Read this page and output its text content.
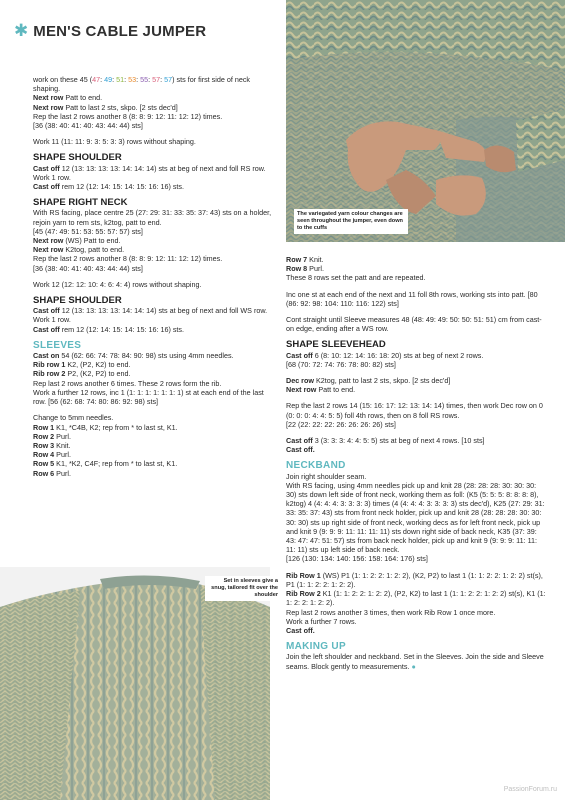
✱ MEN'S CABLE JUMPER

work on these 45 (47: 49: 51: 53: 55: 57: 57) sts for first side of neck shaping.

Next row Patt to end.

Next row Patt to last 2 sts, skpo. [2 sts dec'd]

Rep the last 2 rows another 8 (8: 8: 9: 12: 11: 12: 12) times.

[36 (38: 40: 41: 40: 43: 44: 44) sts]

Work 11 (11: 11: 9: 3: 5: 3: 3) rows without shaping.

SHAPE SHOULDER

Cast off 12 (13: 13: 13: 13: 14: 14: 14) sts at beg of next and foll RS row.

Work 1 row.

Cast off rem 12 (12: 14: 15: 14: 15: 16: 16) sts.

SHAPE RIGHT NECK

With RS facing, place centre 25 (27: 29: 31: 33: 35: 37: 43) sts on a holder, rejoin yarn to rem sts, k2tog, patt to end.

[45 (47: 49: 51: 53: 55: 57: 57) sts]

Next row (WS) Patt to end.

Next row K2tog, patt to end.

Rep the last 2 rows another 8 (8: 8: 9: 12: 11: 12: 12) times.

[36 (38: 40: 41: 40: 43: 44: 44) sts]

Work 12 (12: 12: 10: 4: 6: 4: 4) rows without shaping.

SHAPE SHOULDER

Cast off 12 (13: 13: 13: 13: 14: 14: 14) sts at beg of next and foll WS row.

Work 1 row.

Cast off rem 12 (12: 14: 15: 14: 15: 16: 16) sts.

SLEEVES

Cast on 54 (62: 66: 74: 78: 84: 90: 98) sts using 4mm needles.

Rib row 1 K2, (P2, K2) to end.

Rib row 2 P2, (K2, P2) to end.

Rep last 2 rows another 6 times. These 2 rows form the rib.

Work a further 12 rows, inc 1 (1: 1: 1: 1: 1: 1: 1) st at each end of the last row. [56 (62: 68: 74: 80: 86: 92: 98) sts]

Change to 5mm needles.

Row 1 K1, *C4B, K2; rep from * to last st, K1.

Row 2 Purl.

Row 3 Knit.

Row 4 Purl.

Row 5 K1, *K2, C4F; rep from * to last st, K1.

Row 6 Purl.

Row 7 Knit.

Row 8 Purl.

These 8 rows set the patt and are repeated.

Inc one st at each end of the next and 11 foll 8th rows, working sts into patt. [80 (86: 92: 98: 104: 110: 116: 122) sts]

Cont straight until Sleeve measures 48 (48: 49: 49: 50: 50: 51: 51) cm from cast-on edge, ending after a WS row.

SHAPE SLEEVEHEAD

Cast off 6 (8: 10: 12: 14: 16: 18: 20) sts at beg of next 2 rows.

[68 (70: 72: 74: 76: 78: 80: 82) sts]

Dec row K2tog, patt to last 2 sts, skpo. [2 sts dec'd]

Next row Patt to end.

Rep the last 2 rows 14 (15: 16: 17: 12: 13: 14: 14) times, then work Dec row on 0 (0: 0: 0: 4: 4: 5: 5) foll 4th rows, then on 8 foll RS rows.

[22 (22: 22: 22: 26: 26: 26: 26) sts]

Cast off 3 (3: 3: 3: 4: 4: 5: 5) sts at beg of next 4 rows. [10 sts]

Cast off.

NECKBAND

Join right shoulder seam.

With RS facing, using 4mm needles pick up and knit 28 (28: 28: 28: 30: 30: 30: 30) sts down left side of front neck, working them as foll: (K5 (5: 5: 5: 8: 8: 8: 8), k2tog) 4 (4: 4: 4: 3: 3: 3: 3) times (4 (4: 4: 4: 3: 3: 3: 3) sts dec'd), K25 (27: 29: 31: 33: 35: 37: 43) sts from front neck holder, pick up and knit 28 (28: 28: 28: 30: 30: 30: 30) sts up right side of front neck, working decs as for left front neck, pick up and knit 9 (9: 9: 9: 11: 11: 11: 11) sts down right side of back neck, K35 (37: 39: 43: 47: 47: 51: 57) sts from back neck holder, pick up and knit 9 (9: 9: 9: 11: 11: 11: 11) sts up left side of back neck.

[126 (130: 134: 140: 156: 158: 164: 176) sts]

Rib Row 1 (WS) P1 (1: 1: 2: 2: 1: 2: 2), (K2, P2) to last 1 (1: 1: 2: 2: 1: 2: 2) st(s), P1 (1: 1: 2: 2: 1: 2: 2).

Rib Row 2 K1 (1: 1: 2: 2: 1: 2: 2), (P2, K2) to last 1 (1: 1: 2: 2: 1: 2: 2) st(s), K1 (1: 1: 2: 2: 1: 2: 2).

Rep last 2 rows another 3 times, then work Rib Row 1 once more.

Work a further 7 rows.

Cast off.

MAKING UP

Join the left shoulder and neckband. Set in the Sleeves. Join the side and Sleeve seams. Block gently to measurements. ●

The variegated yarn colour changes are seen throughout the jumper, even down to the cuffs
Set in sleeves give a snug, tailored fit over the shoulder
PassionForum.ru
